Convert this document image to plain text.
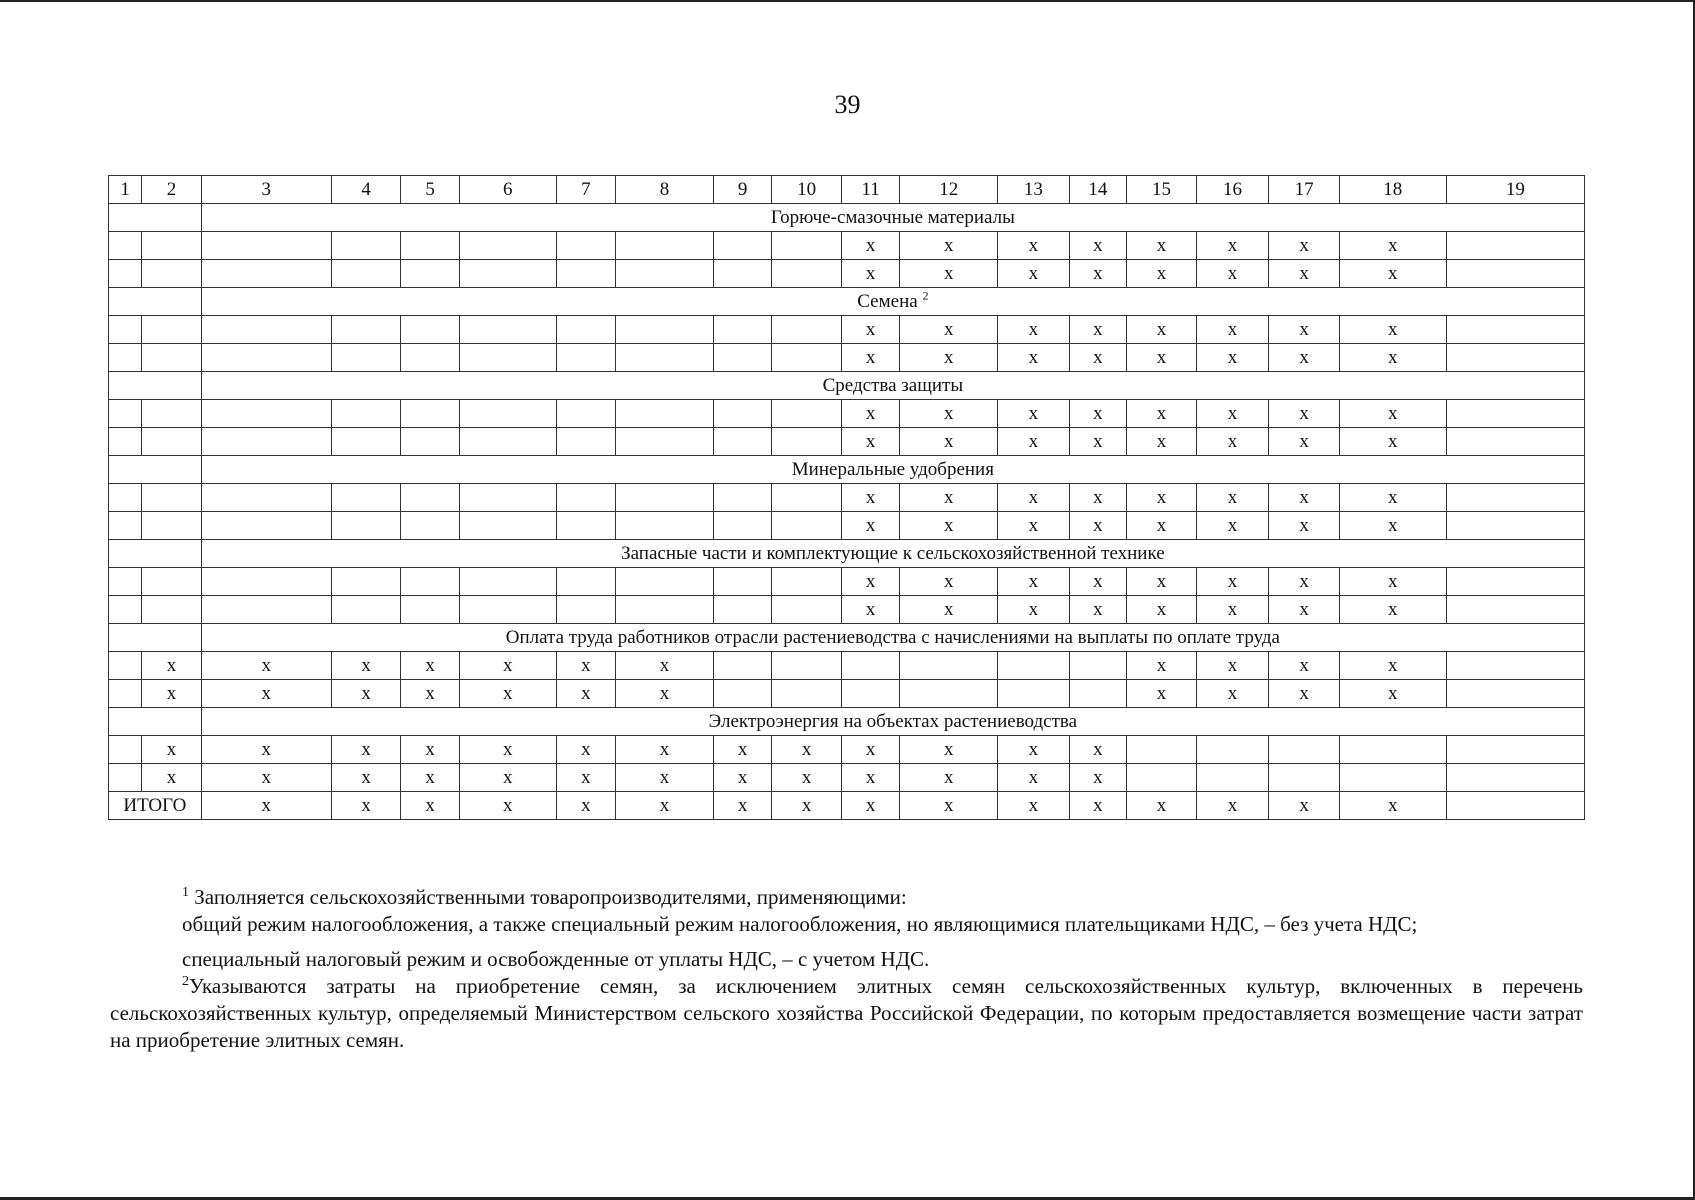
39
1	2	3	4	5	6	7	8	9	10	11	12	13	14	15	16	17	18	19
		Горюче-смазочные материалы																
										х	х	х	х	х	х	х	х	
										х	х	х	х	х	х	х	х	
		Семена $^2$
										х	х	х	х	х	х	х	х	
										х	х	х	х	х	х	х	х	
		Средства защиты																
										х	х	х	х	х	х	х	х	
										х	х	х	х	х	х	х	х	
		Минеральные удобрения																
										х	х	х	х	х	х	х	х	
										х	х	х	х	х	х	х	х	
		Запасные части и комплектующие к сельскохозяйственной технике																
										х	х	х	х	х	х	х	х	
										х	х	х	х	х	х	х	х	
		Оплата труда работников отрасли растениеводства с начислениями на выплаты по оплате труда																
	х	х	х	х	х	х	х							х	х	х	х	
	х	х	х	х	х	х	х							х	х	х	х	
		Электроэнергия на объектах растениеводства																
	х	х	х	х	х	х	х	х	х	х	х	х	х					
	х	х	х	х	х	х	х	х	х	х	х	х	х					
ИТОГО		х	х	х	х	х	х	х	х	х	х	х	х	х	х	х	х	

$^1$ Заполняется сельскохозяйственными товаропроизводителями, применяющими:

общий режим налогообложения, а также специальный режим налогообложения, но являющимися плательщиками НДС, – без учета НДС;

специальный налоговый режим и освобожденные от уплаты НДС, – с учетом НДС.

$^2$Указываются затраты на приобретение семян, за исключением элитных семян сельскохозяйственных культур, включенных в перечень сельскохозяйственных культур, определяемый Министерством сельского хозяйства Российской Федерации, по которым предоставляется возмещение части затрат на приобретение элитных семян.
